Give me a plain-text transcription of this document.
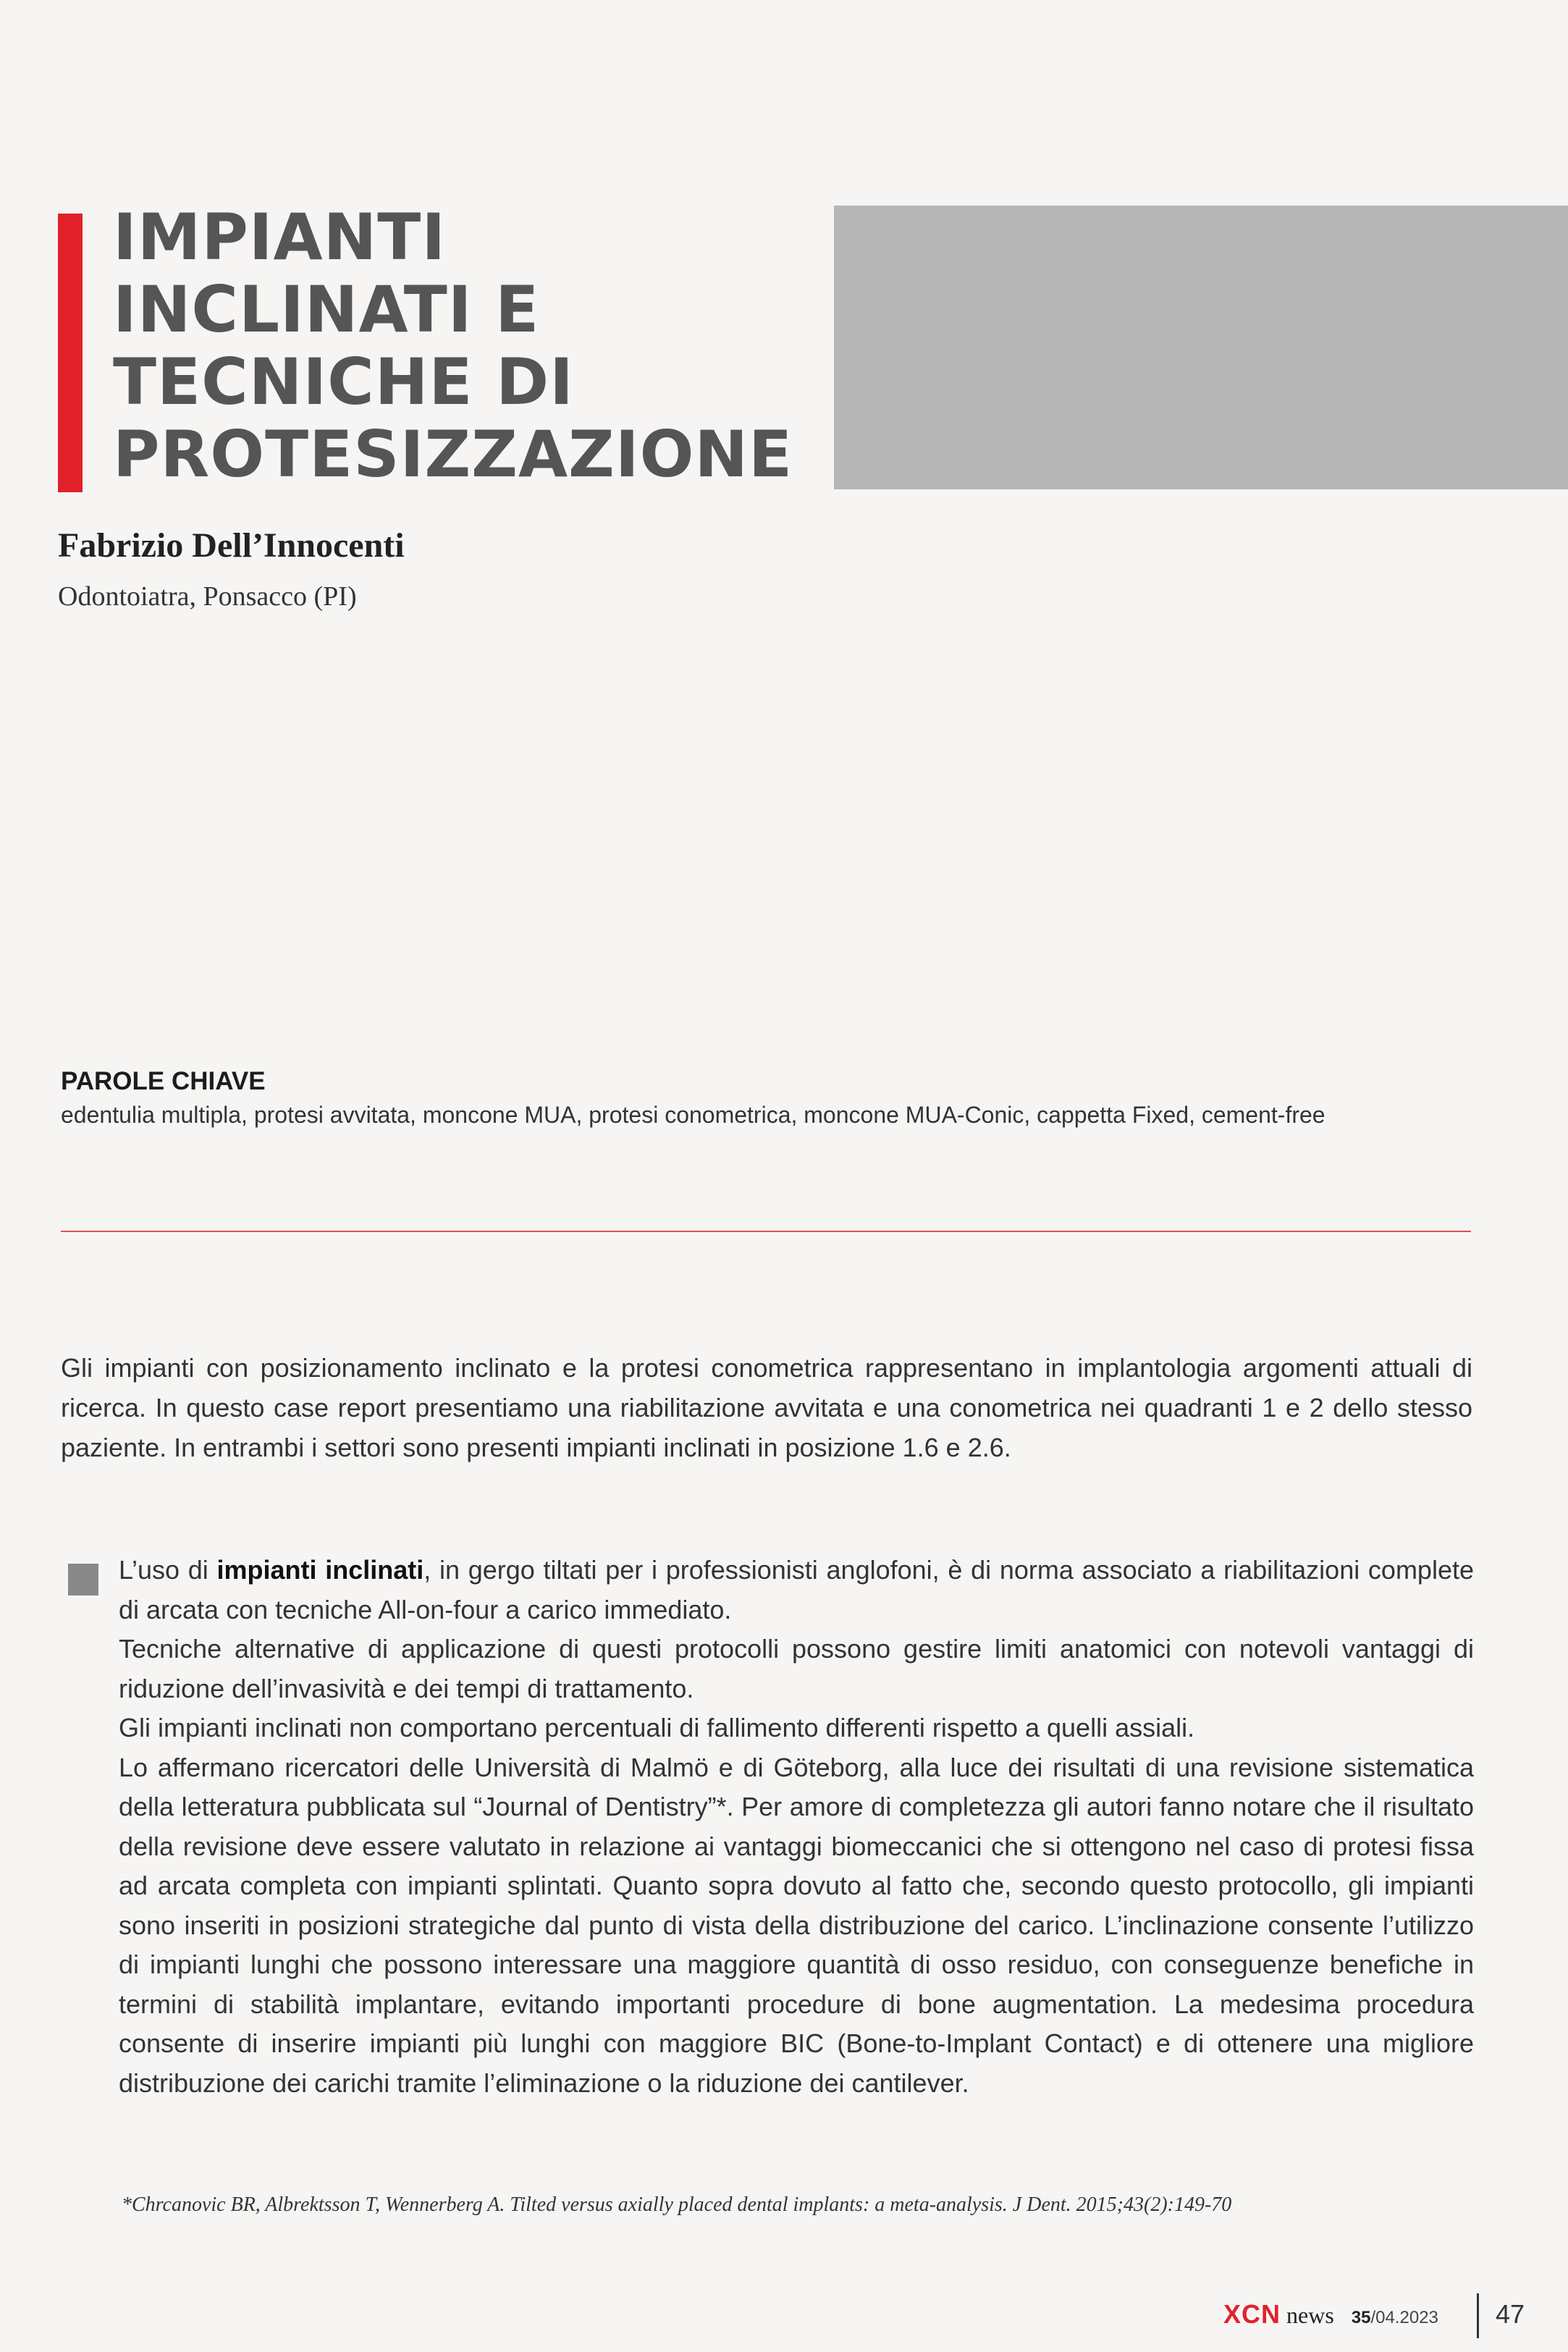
IMPIANTI
INCLINATI E
TECNICHE DI
PROTESIZZAZIONE
Fabrizio Dell’Innocenti
Odontoiatra, Ponsacco (PI)
PAROLE CHIAVE
edentulia multipla, protesi avvitata, moncone MUA, protesi conometrica, moncone MUA-Conic, cappetta Fixed, cement-free
Gli impianti con posizionamento inclinato e la protesi conometrica rappresentano in implantologia argomenti attuali di ricerca. In questo case report presentiamo una riabilitazione avvitata e una conometrica nei quadranti 1 e 2 dello stesso paziente. In entrambi i settori sono presenti impianti inclinati in posizione 1.6 e 2.6.

L’uso di impianti inclinati, in gergo tiltati per i professionisti anglofoni, è di norma associato a riabilitazioni complete di arcata con tecniche All-on-four a carico immediato.

Tecniche alternative di applicazione di questi protocolli possono gestire limiti anatomici con notevoli vantaggi di riduzione dell’invasività e dei tempi di trattamento.

Gli impianti inclinati non comportano percentuali di fallimento differenti rispetto a quelli assiali.

Lo affermano ricercatori delle Università di Malmö e di Göteborg, alla luce dei risultati di una revisione sistematica della letteratura pubblicata sul “Journal of Dentistry”*. Per amore di completezza gli autori fanno notare che il risultato della revisione deve essere valutato in relazione ai vantaggi biomeccanici che si ottengono nel caso di protesi fissa ad arcata completa con impianti splintati. Quanto sopra dovuto al fatto che, secondo questo protocollo, gli impianti sono inseriti in posizioni strategiche dal punto di vista della distribuzione del carico. L’inclinazione consente l’utilizzo di impianti lunghi che possono interessare una maggiore quantità di osso residuo, con conseguenze benefiche in termini di stabilità implantare, evitando importanti procedure di bone augmentation. La medesima procedura consente di inserire impianti più lunghi con maggiore BIC (Bone-to-Implant Contact) e di ottenere una migliore distribuzione dei carichi tramite l’eliminazione o la riduzione dei cantilever.

*Chrcanovic BR, Albrektsson T, Wennerberg A. Tilted versus axially placed dental implants: a meta-analysis. J Dent. 2015;43(2):149-70
XCN news 35/04.2023 47
